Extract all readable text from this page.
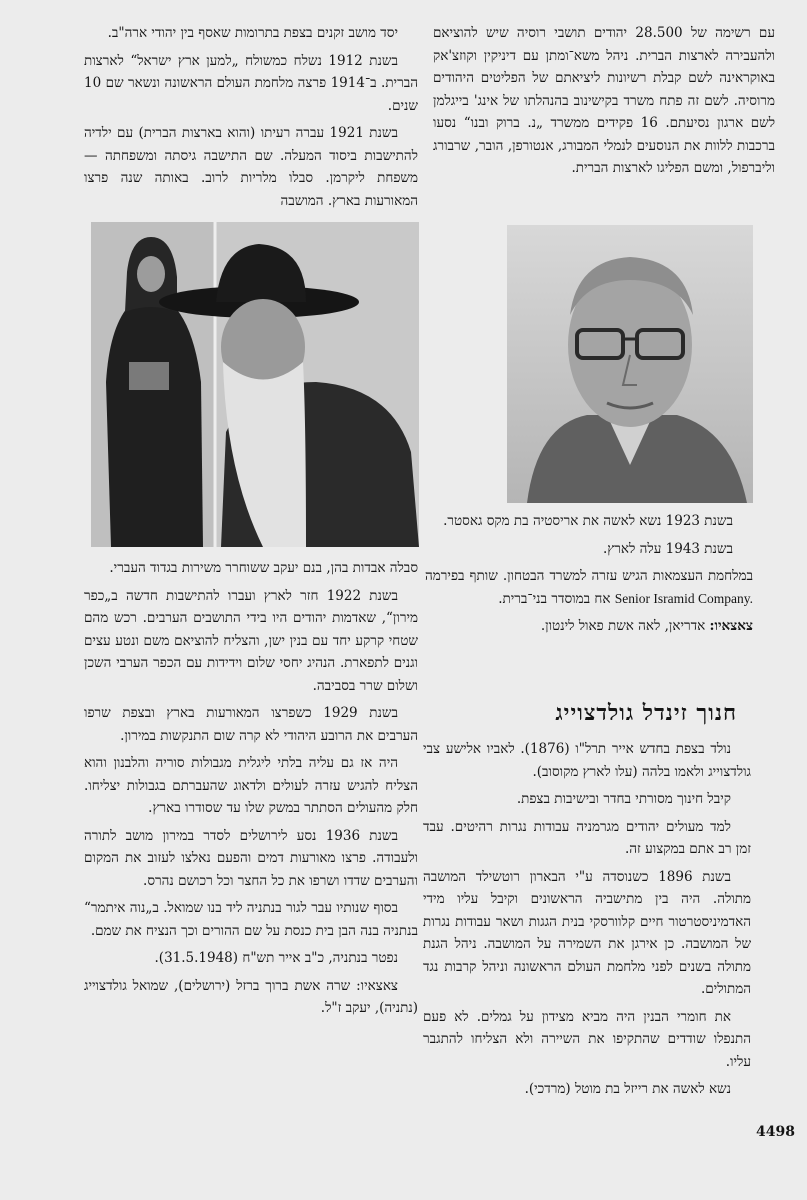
עם רשימה של 28.500 יהודים תושבי רוסיה שיש להוציאם ולהעבירה לארצות הברית. ניהל משא־ומתן עם דיניקין וקוזצ'אק באוקראינה לשם קבלת רשיונות ליציאתם של הפליטים היהודים מרוסיה. לשם זה פתח משרד בקישינוב בהנהלתו של אינג' בייגלמן לשם ארגון נסיעתם. 16 פקידים ממשרד „נ. ברוק ובנו“ נסעו ברכבות ללוות את הנוסעים לנמלי המבורג, אנטורפן, הובר, שרבורג וליברפול, ומשם הפליגו לארצות הברית.

יסד מושב זקנים בצפת בתרומות שאסף בין יהודי ארה"ב.

בשנת 1912 נשלח כמשולח „למען ארץ ישראל“ לארצות הברית. ב־1914 פרצה מלחמת העולם הראשונה ונשאר שם 10 שנים.

בשנת 1921 עברה רעיתו (והוא בארצות הברית) עם ילדיה להתישבות ביסוד המעלה. שם התישבה גיסתה ומשפחתה — משפחת ליקרמן. סבלו מלריות לרוב. באותה שנה פרצו המאורעות בארץ. המושבה

בשנת 1923 נשא לאשה את אריסטיה בת מקס גאסטר.

בשנת 1943 עלה לארץ.

במלחמת העצמאות הגיש עזרה למשרד הבטחון. שותף בפירמה Senior Isramid Company. אח במוסדר בני־ברית.

צאצאיו: אדריאן, לאה אשת פאול לינטון.

חנוך זינדל גולדצוייג

נולד בצפת בחדש אייר תרל"ו (1876). לאביו אלישע צבי גולדצוייג ולאמו בלהה (עלו לארץ מקוסוב).

קיבל חינוך מסורתי בחדר ובישיבות בצפת.

למד מעולים יהודים מגרמניה עבודות נגרות רהיטים. עבד זמן רב אתם במקצוע זה.

בשנת 1896 כשנוסדה ע"י הבארון רוטשילד המושבה מתולה. היה בין מתישביה הראשונים וקיבל עליו מידי האדמיניסטרטור חיים קלוורסקי בנית הגגות ושאר עבודות נגרות של המושבה. כן אירגן את השמירה על המושבה. ניהל הגנת מתולה בשנים לפני מלחמת העולם הראשונה וניהל קרבות נגד המתולים.

את חומרי הבנין היה מביא מצידון על גמלים. לא פעם התנפלו שודדים שהתקיפו את השיירה ולא הצליחו להתגבר עליו.

נשא לאשה את רייזל בת מוטל (מרדכי).

סבלה אבדות בהן, בנם יעקב ששוחרר משירות בגדוד העברי.

בשנת 1922 חזר לארץ ועברו להתישבות חדשה ב„כפר מירון“, שאדמות יהודים היו בידי התושבים הערבים. רכש מהם שטחי קרקע יחד עם בנין ישן, והצליח להוציאם משם ונטע עצים וגנים לתפארת. הנהיג יחסי שלום וידידות עם הכפר הערבי השכן ושלום שרר בסביבה.

בשנת 1929 כשפרצו המאורעות בארץ ובצפת שרפו הערבים את הרובע היהודי לא קרה שום התנקשות במירון.

היה אז גם עליה בלתי ליגלית מגבולות סוריה והלבנון והוא הצליח להגיש עזרה לעולים ולדאוג שהעברתם בגבולות יצליחו. חלק מהעולים הסתתר במשק שלו עד שסודרו בארץ.

בשנת 1936 נסע לירושלים לסדר במירון מושב לתורה ולעבודה. פרצו מאורעות דמים והפעם נאלצו לעזוב את המקום והערבים שדדו ושרפו את כל החצר וכל רכושם נהרס.

בסוף שנותיו עבר לגור בנתניה ליד בנו שמואל. ב„נוה איתמר“ בנתניה בנה הבן בית כנסת על שם ההורים וכך הנציח את שמם.

נפטר בנתניה, כ"ב אייר תש"ח (31.5.1948).

צאצאיו: שרה אשת ברוך ברזל (ירושלים), שמואל גולדצוייג (נתניה), יעקב ז"ל.

4498
